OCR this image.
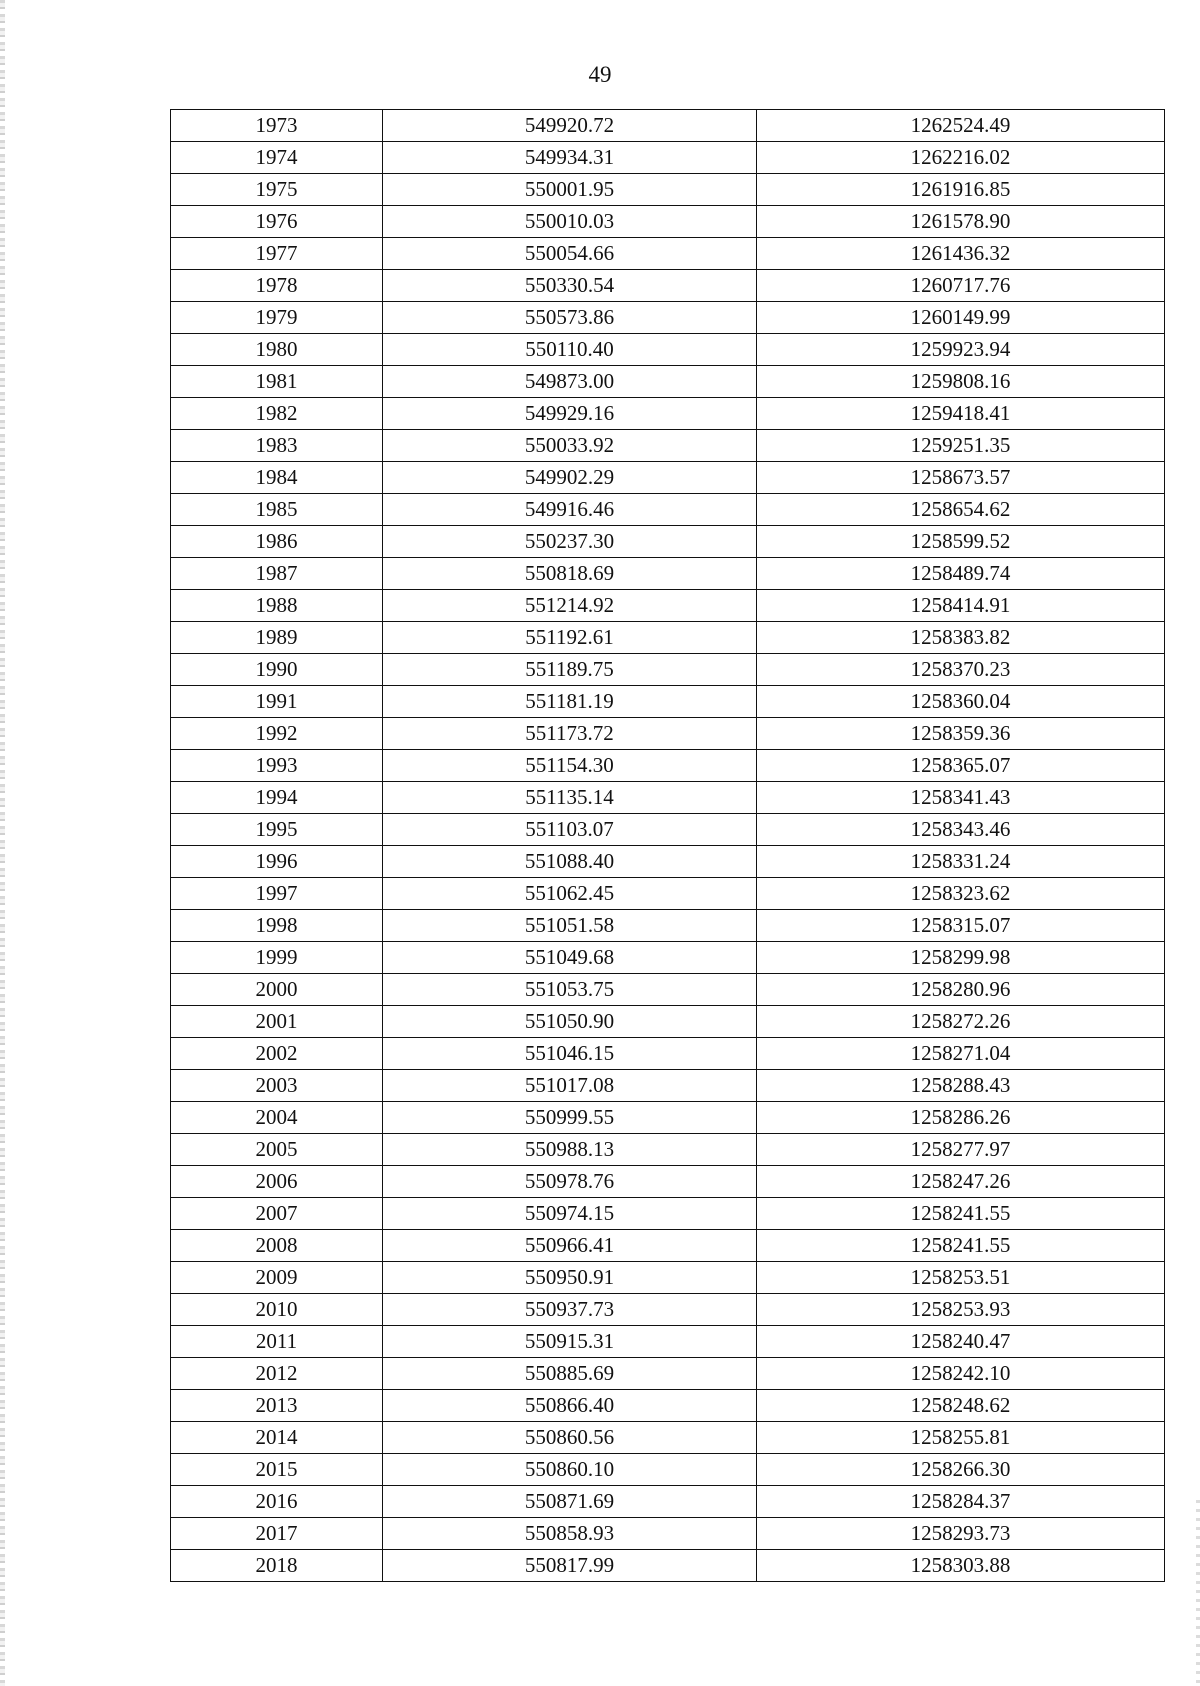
49
1973	549920.72	1262524.49
1974	549934.31	1262216.02
1975	550001.95	1261916.85
1976	550010.03	1261578.90
1977	550054.66	1261436.32
1978	550330.54	1260717.76
1979	550573.86	1260149.99
1980	550110.40	1259923.94
1981	549873.00	1259808.16
1982	549929.16	1259418.41
1983	550033.92	1259251.35
1984	549902.29	1258673.57
1985	549916.46	1258654.62
1986	550237.30	1258599.52
1987	550818.69	1258489.74
1988	551214.92	1258414.91
1989	551192.61	1258383.82
1990	551189.75	1258370.23
1991	551181.19	1258360.04
1992	551173.72	1258359.36
1993	551154.30	1258365.07
1994	551135.14	1258341.43
1995	551103.07	1258343.46
1996	551088.40	1258331.24
1997	551062.45	1258323.62
1998	551051.58	1258315.07
1999	551049.68	1258299.98
2000	551053.75	1258280.96
2001	551050.90	1258272.26
2002	551046.15	1258271.04
2003	551017.08	1258288.43
2004	550999.55	1258286.26
2005	550988.13	1258277.97
2006	550978.76	1258247.26
2007	550974.15	1258241.55
2008	550966.41	1258241.55
2009	550950.91	1258253.51
2010	550937.73	1258253.93
2011	550915.31	1258240.47
2012	550885.69	1258242.10
2013	550866.40	1258248.62
2014	550860.56	1258255.81
2015	550860.10	1258266.30
2016	550871.69	1258284.37
2017	550858.93	1258293.73
2018	550817.99	1258303.88
